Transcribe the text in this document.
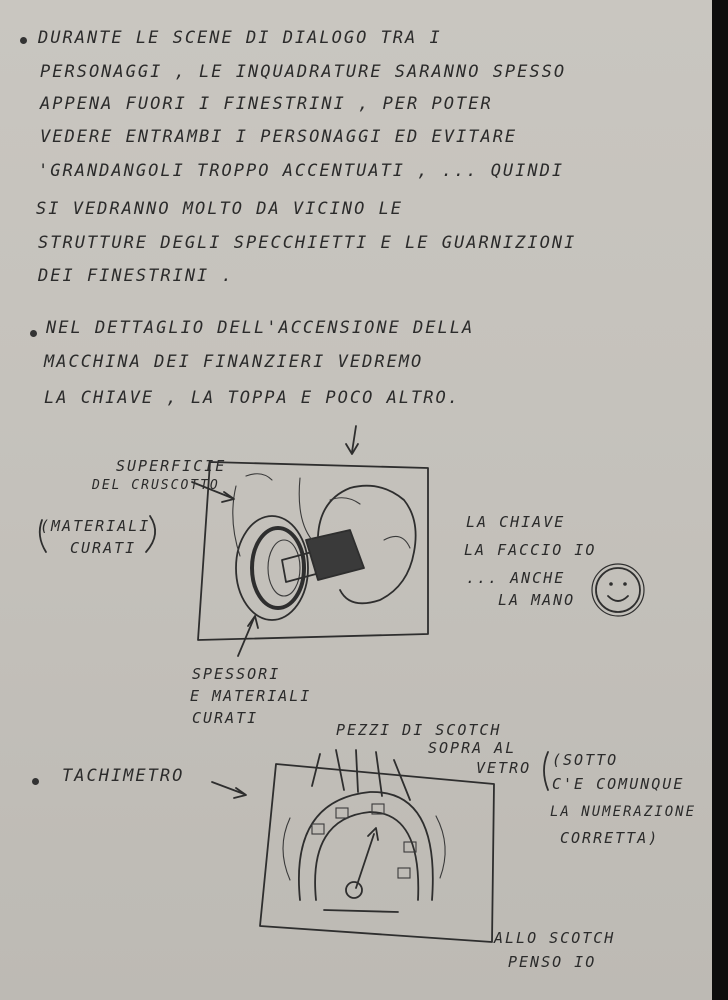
DURANTE LE SCENE DI DIALOGO TRA I
PERSONAGGI , LE INQUADRATURE SARANNO SPESSO
APPENA FUORI I FINESTRINI , PER POTER
VEDERE ENTRAMBI I PERSONAGGI ED EVITARE
'GRANDANGOLI TROPPO ACCENTUATI , ... QUINDI
SI VEDRANNO MOLTO DA VICINO LE
STRUTTURE DEGLI SPECCHIETTI E LE GUARNIZIONI
DEI FINESTRINI .
NEL DETTAGLIO DELL'ACCENSIONE DELLA
MACCHINA DEI FINANZIERI VEDREMO
LA CHIAVE , LA TOPPA E POCO ALTRO.
SUPERFICIE
DEL CRUSCOTTO
(MATERIALI
CURATI
SPESSORI
E MATERIALI
CURATI
LA CHIAVE
LA FACCIO IO
... ANCHE
LA MANO
TACHIMETRO
PEZZI DI SCOTCH
SOPRA AL
VETRO (SOTTO
C'E COMUNQUE
LA NUMERAZIONE
CORRETTA)
ALLO SCOTCH
PENSO IO
